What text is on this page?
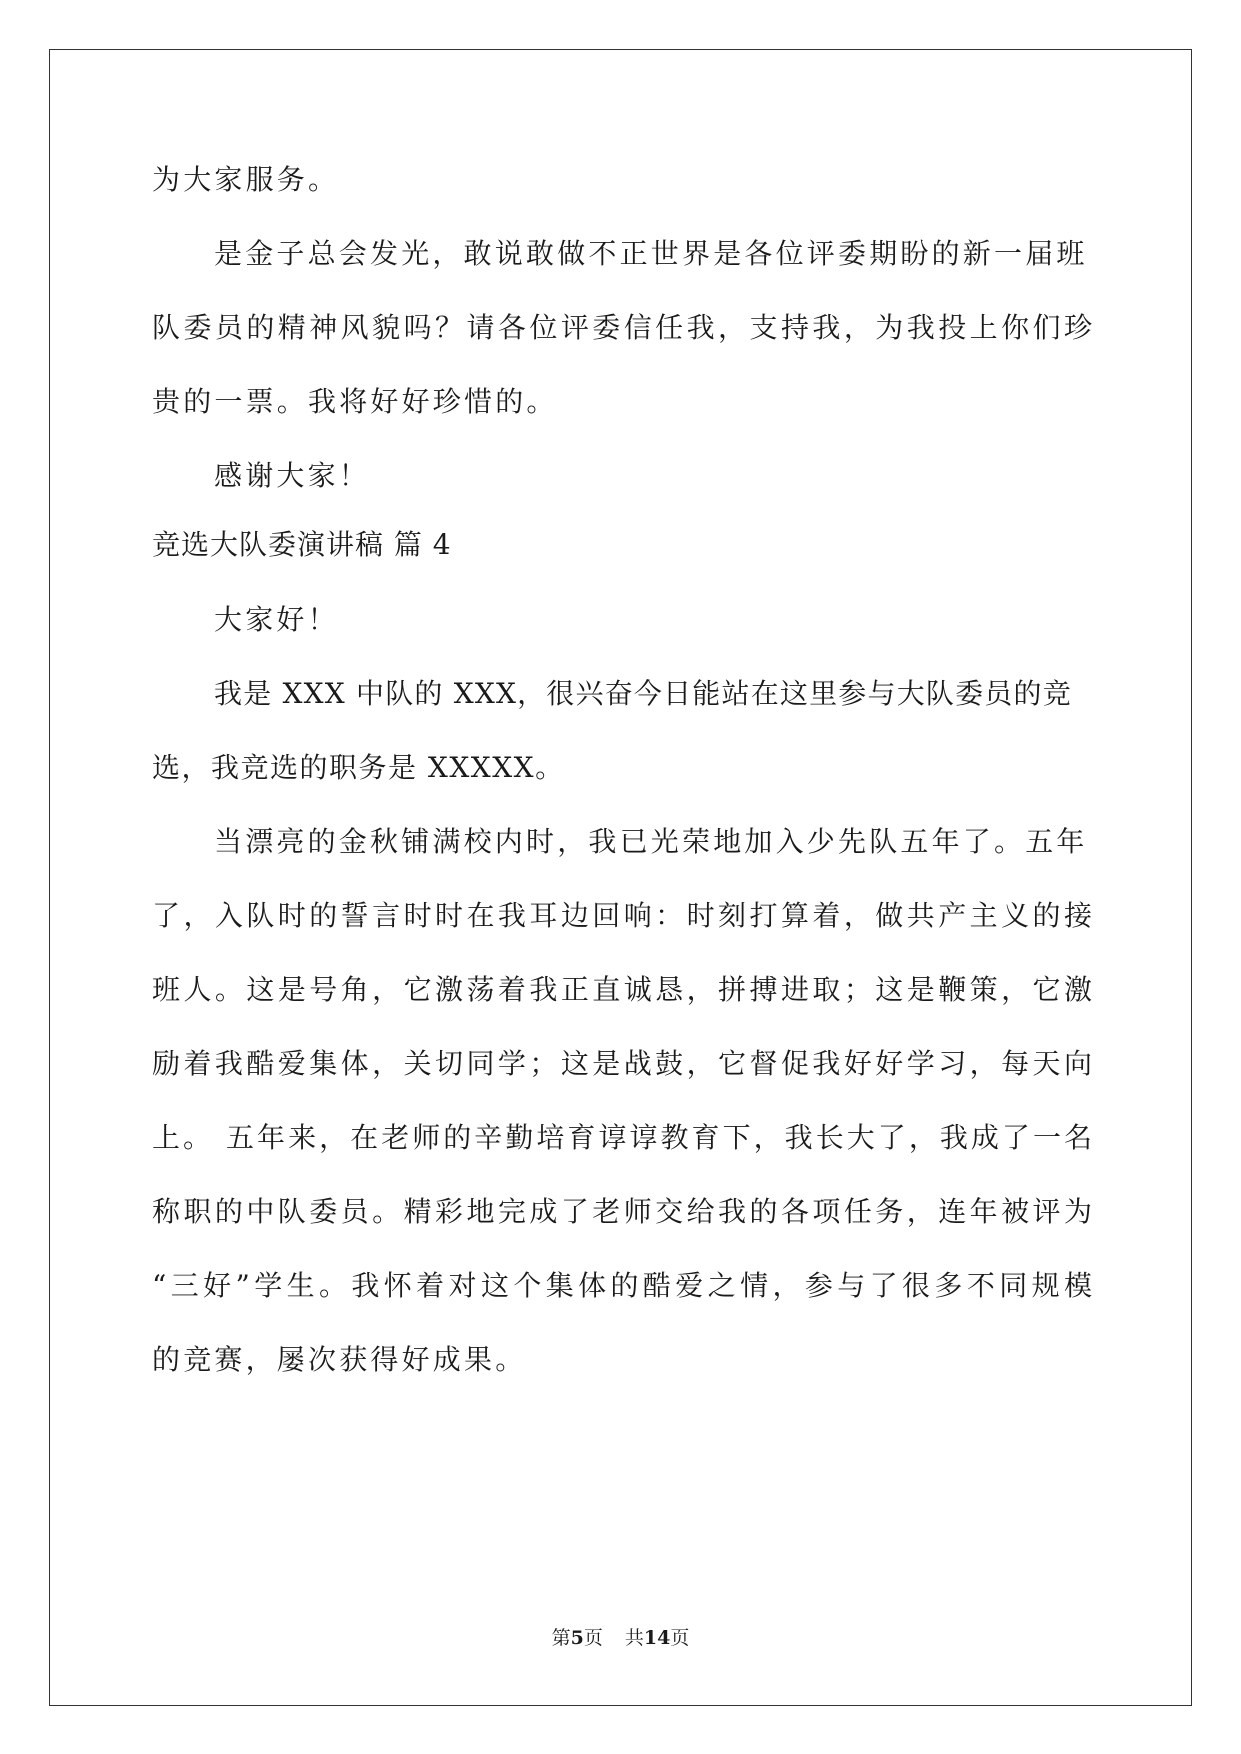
为大家服务。
是金子总会发光，敢说敢做不正世界是各位评委期盼的新一届班
队委员的精神风貌吗？请各位评委信任我，支持我，为我投上你们珍
贵的一票。我将好好珍惜的。
感谢大家！
竞选大队委演讲稿 篇 4
大家好！
我是 XXX 中队的 XXX，很兴奋今日能站在这里参与大队委员的竞
选，我竞选的职务是 XXXXX。
当漂亮的金秋铺满校内时，我已光荣地加入少先队五年了。五年
了，入队时的誓言时时在我耳边回响：时刻打算着，做共产主义的接
班人。这是号角，它激荡着我正直诚恳，拼搏进取；这是鞭策，它激
励着我酷爱集体，关切同学；这是战鼓，它督促我好好学习，每天向
上。 五年来，在老师的辛勤培育谆谆教育下，我长大了，我成了一名
称职的中队委员。精彩地完成了老师交给我的各项任务，连年被评为
“三好”学生。我怀着对这个集体的酷爱之情，参与了很多不同规模
的竞赛，屡次获得好成果。
第5页 共14页
